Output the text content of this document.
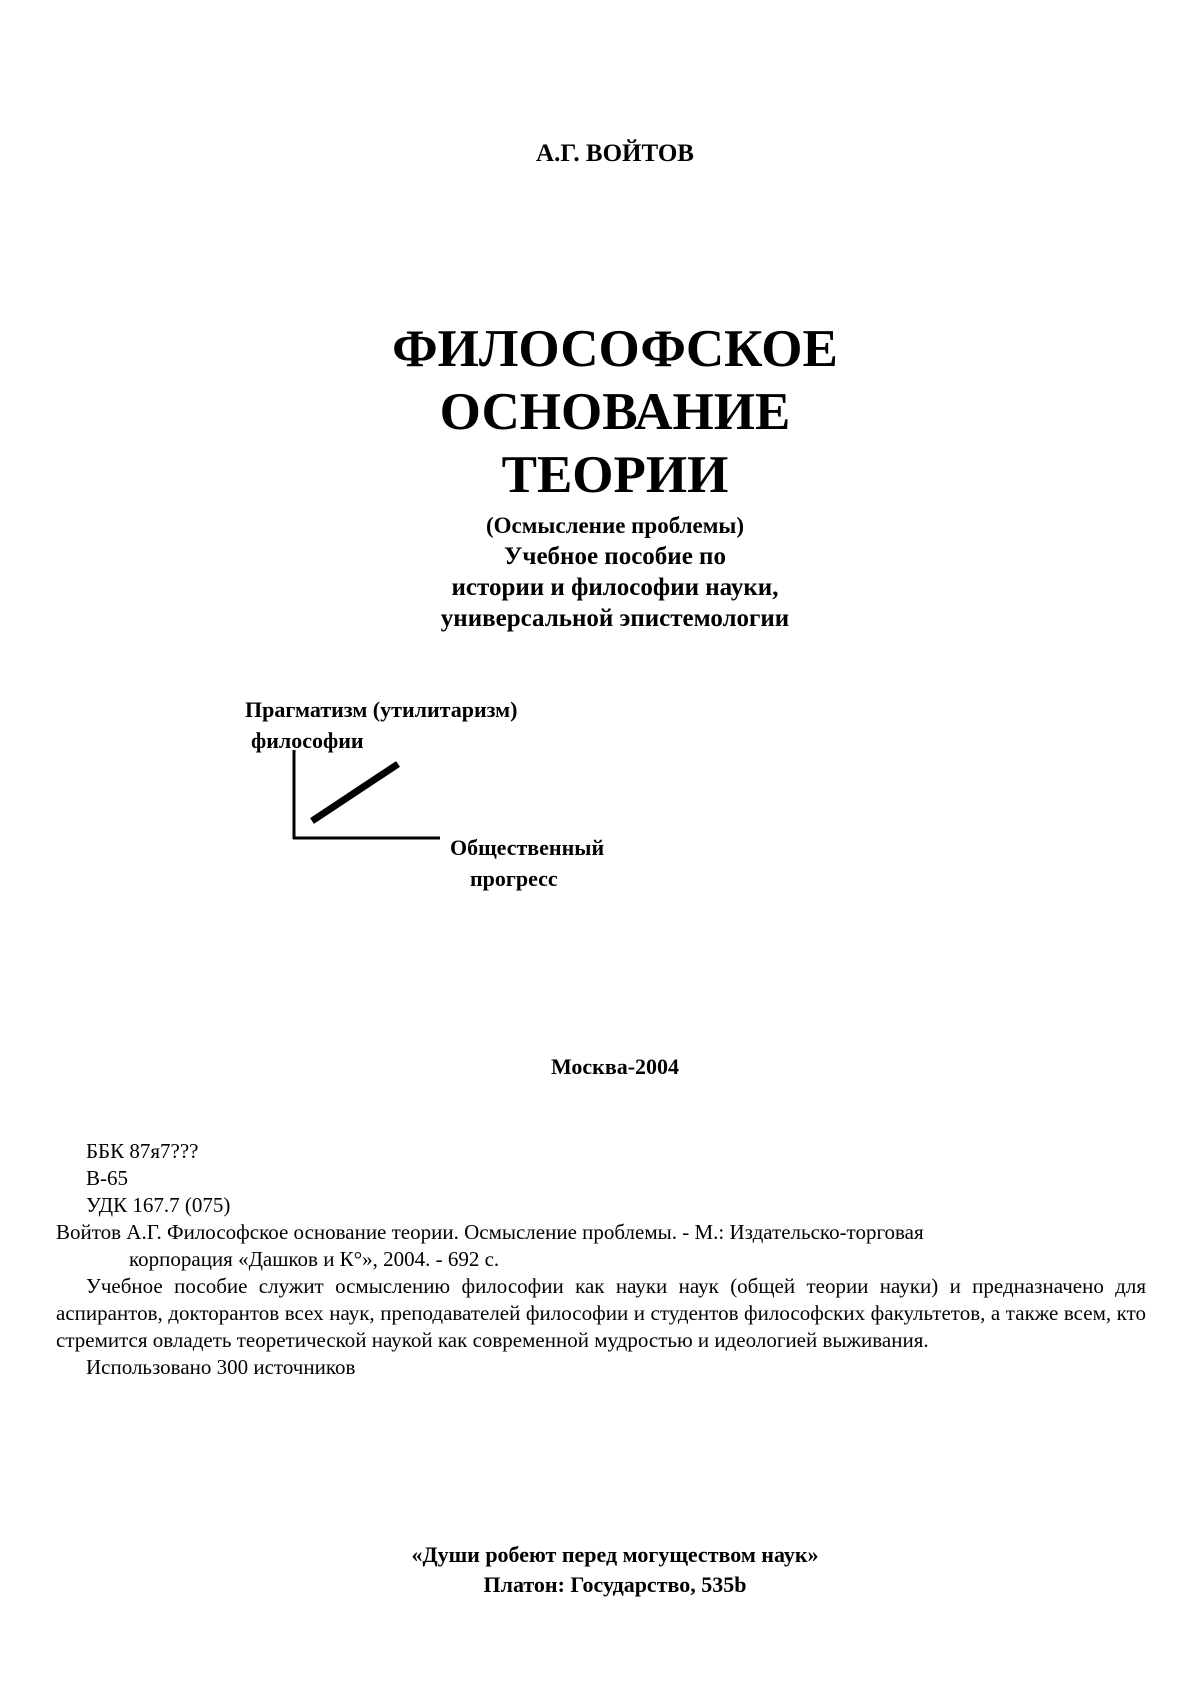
А.Г. ВОЙТОВ
ФИЛОСОФСКОЕ
ОСНОВАНИЕ
ТЕОРИИ
(Осмысление проблемы)
Учебное пособие по
истории и философии науки,
универсальной эпистемологии
Прагматизм (утилитаризм)
философии
Общественный
прогресс
Москва-2004
ББК 87я7???
В-65
УДК 167.7 (075)
Войтов А.Г. Философское основание теории. Осмысление проблемы. - М.: Издательско-торговая
корпорация «Дашков и К°», 2004. - 692 с.
Учебное пособие служит осмыслению философии как науки наук (общей теории науки) и предназначено для аспирантов, докторантов всех наук, преподавателей философии и студентов философских факультетов, а также всем, кто стремится овладеть теоретической наукой как современной мудростью и идеологией выживания.
Использовано 300 источников
«Души робеют перед могуществом наук»
Платон: Государство, 535b
